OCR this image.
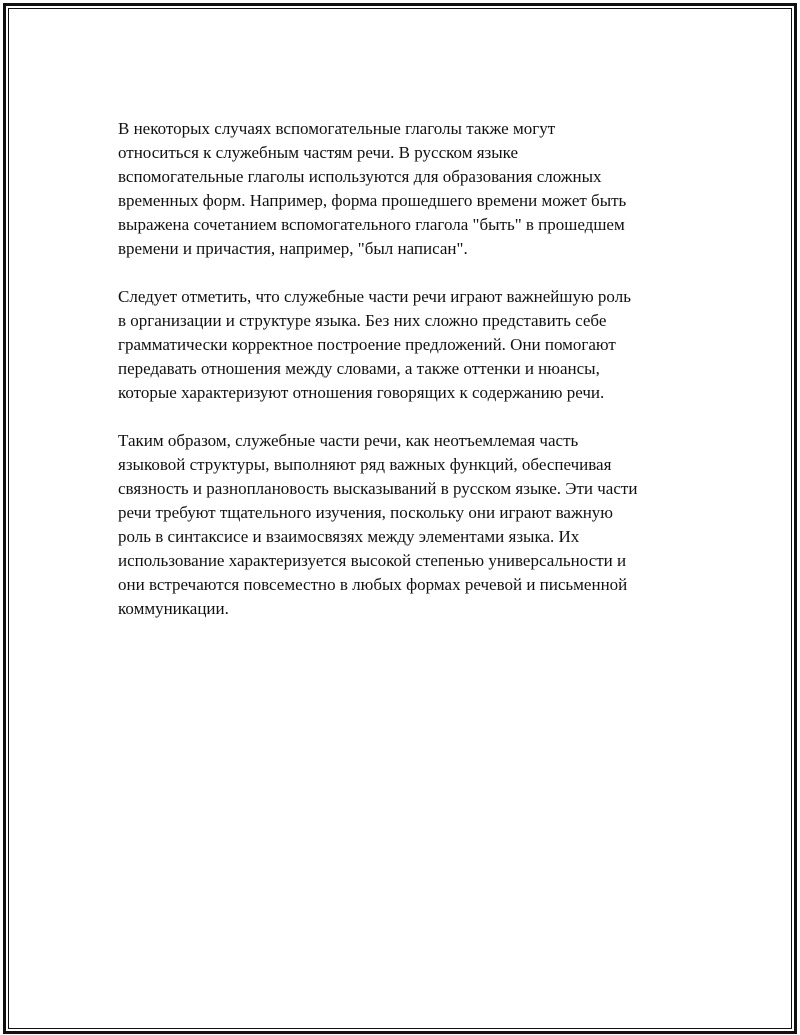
В некоторых случаях вспомогательные глаголы также могут
относиться к служебным частям речи. В русском языке
вспомогательные глаголы используются для образования сложных
временных форм. Например, форма прошедшего времени может быть
выражена сочетанием вспомогательного глагола "быть" в прошедшем
времени и причастия, например, "был написан".

Следует отметить, что служебные части речи играют важнейшую роль
в организации и структуре языка. Без них сложно представить себе
грамматически корректное построение предложений. Они помогают
передавать отношения между словами, а также оттенки и нюансы,
которые характеризуют отношения говорящих к содержанию речи.

Таким образом, служебные части речи, как неотъемлемая часть
языковой структуры, выполняют ряд важных функций, обеспечивая
связность и разноплановость высказываний в русском языке. Эти части
речи требуют тщательного изучения, поскольку они играют важную
роль в синтаксисе и взаимосвязях между элементами языка. Их
использование характеризуется высокой степенью универсальности и
они встречаются повсеместно в любых формах речевой и письменной
коммуникации.
